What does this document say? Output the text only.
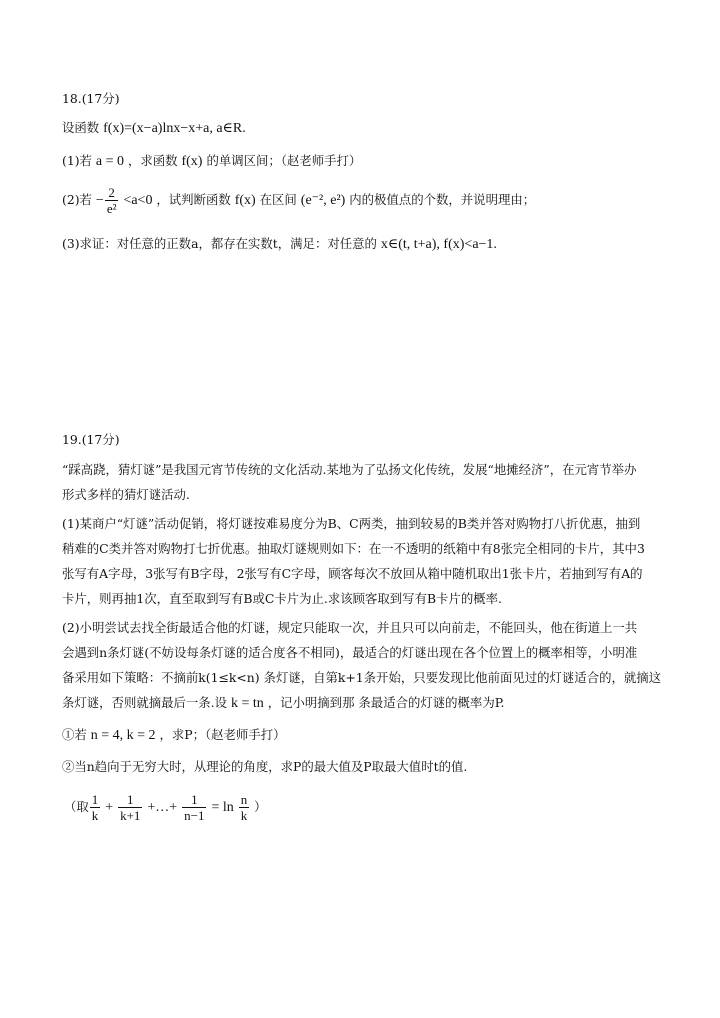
18.(17分)
设函数 f(x)=(x−a)lnx−x+a, a∈R.
(1)若 a = 0 ，求函数 f(x) 的单调区间；（赵老师手打）
(2)若 − $\frac{2}{\text{e²}} <a<0$ ，试判断函数 f(x) 在区间 (e⁻², e²) 内的极值点的个数，并说明理由；
(3)求证：对任意的正数a，都存在实数t，满足：对任意的 x∈(t, t+a), f(x)<a−1.
19.(17分)
“踩高跷，猜灯谜”是我国元宵节传统的文化活动.某地为了弘扬文化传统，发展“地摊经济”，在元宵节举办
形式多样的猜灯谜活动.
(1)某商户“灯谜”活动促销，将灯谜按难易度分为B、C两类，抽到较易的B类并答对购物打八折优惠，抽到
稍难的C类并答对购物打七折优惠。抽取灯谜规则如下：在一不透明的纸箱中有8张完全相同的卡片，其中3
张写有A字母，3张写有B字母，2张写有C字母，顾客每次不放回从箱中随机取出1张卡片，若抽到写有A的
卡片，则再抽1次，直至取到写有B或C卡片为止.求该顾客取到写有B卡片的概率.
(2)小明尝试去找全街最适合他的灯谜，规定只能取一次，并且只可以向前走，不能回头，他在街道上一共
会遇到n条灯谜(不妨设每条灯谜的适合度各不相同)，最适合的灯谜出现在各个位置上的概率相等，小明准
备采用如下策略：不摘前k(1≤k<n) 条灯谜，自第k+1条开始，只要发现比他前面见过的灯谜适合的，就摘这
条灯谜，否则就摘最后一条.设 k = tn ，记小明摘到那 条最适合的灯谜的概率为P.
①若 n = 4, k = 2 ，求P；（赵老师手打）
②当n趋向于无穷大时，从理论的角度，求P的最大值及P取最大值时t的值.
（取 $\frac{1}{k} + \frac{1}{k+1}$ +…+ $\frac{1}{n-1} = \ln \frac{n}{k}$ ）
